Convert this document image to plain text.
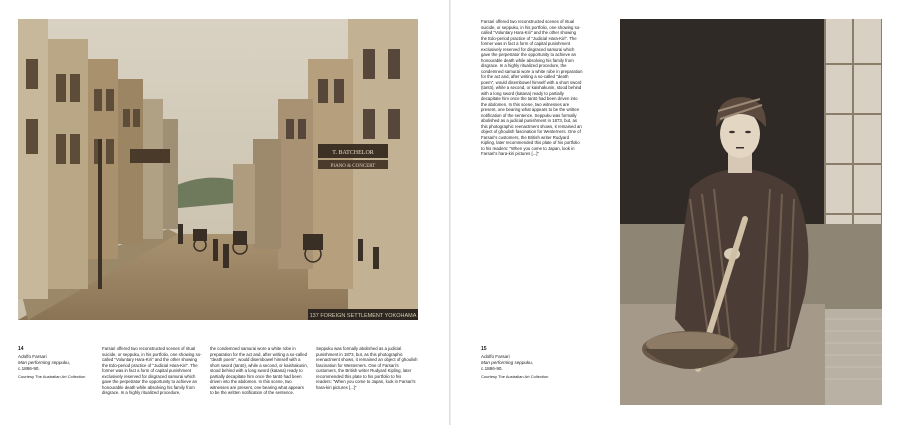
T. BATCHELOR
PIANO & CONCERT
137 FOREIGN SETTLEMENT YOKOHAMA
14
Adolfo Farsari
Man performing seppuku,
c.1886-90.
Courtesy The Australian Art Collection
Farsari offered two reconstructed scenes of ritual suicide, or seppuku, in his portfolio, one showing so-called "Voluntary Hara-Kiri" and the other showing the Edo-period practice of "Judicial Hara-Kiri". The former was in fact a form of capital punishment exclusively reserved for disgraced samurai which gave the perpetrator the opportunity to achieve an honourable death while absolving his family from disgrace. In a highly ritualized procedure,
the condemned samurai wore a white robe in preparation for the act and, after writing a so-called "death poem", would disembowel himself with a short sword (tantō), while a second, or kaishakunin, stood behind with a long sword (katana) ready to partially decapitate him once the tantō had been driven into the abdomen. In this scene, two witnesses are present, one bearing what appears to be the written notification of the sentence.
Seppuku was formally abolished as a judicial punishment in 1873, but, as this photographic reenactment shows, it remained an object of ghoulish fascination for Westerners. One of Farsari's customers, the British writer Rudyard Kipling, later recommended this plate to his portfolio to his readers: "When you come to Japan, look in Farsari's hara-kiri pictures [...]"
Farsari offered two reconstructed scenes of ritual suicide, or seppuku, in his portfolio, one showing so-called "Voluntary Hara-Kiri" and the other showing the Edo-period practice of "Judicial Hara-Kiri". The former was in fact a form of capital punishment exclusively reserved for disgraced samurai which gave the perpetrator the opportunity to achieve an honourable death while absolving his family from disgrace. In a highly ritualized procedure, the condemned samurai wore a white robe in preparation for the act and, after writing a so-called "death poem", would disembowel himself with a short sword (tantō), while a second, or kaishakunin, stood behind with a long sword (katana) ready to partially decapitate him once the tantō had been driven into the abdomen. In this scene, two witnesses are present, one bearing what appears to be the written notification of the sentence. Seppuku was formally abolished as a judicial punishment in 1873, but, as this photographic reenactment shows, it remained an object of ghoulish fascination for Westerners. One of Farsari's customers, the British writer Rudyard Kipling, later recommended this plate of his portfolio to his readers: "When you come to Japan, look in Farsari's hara-kiri pictures [...]"
15
Adolfo Farsari
Man performing seppuku,
c.1886-90.
Courtesy The Australian Art Collection
